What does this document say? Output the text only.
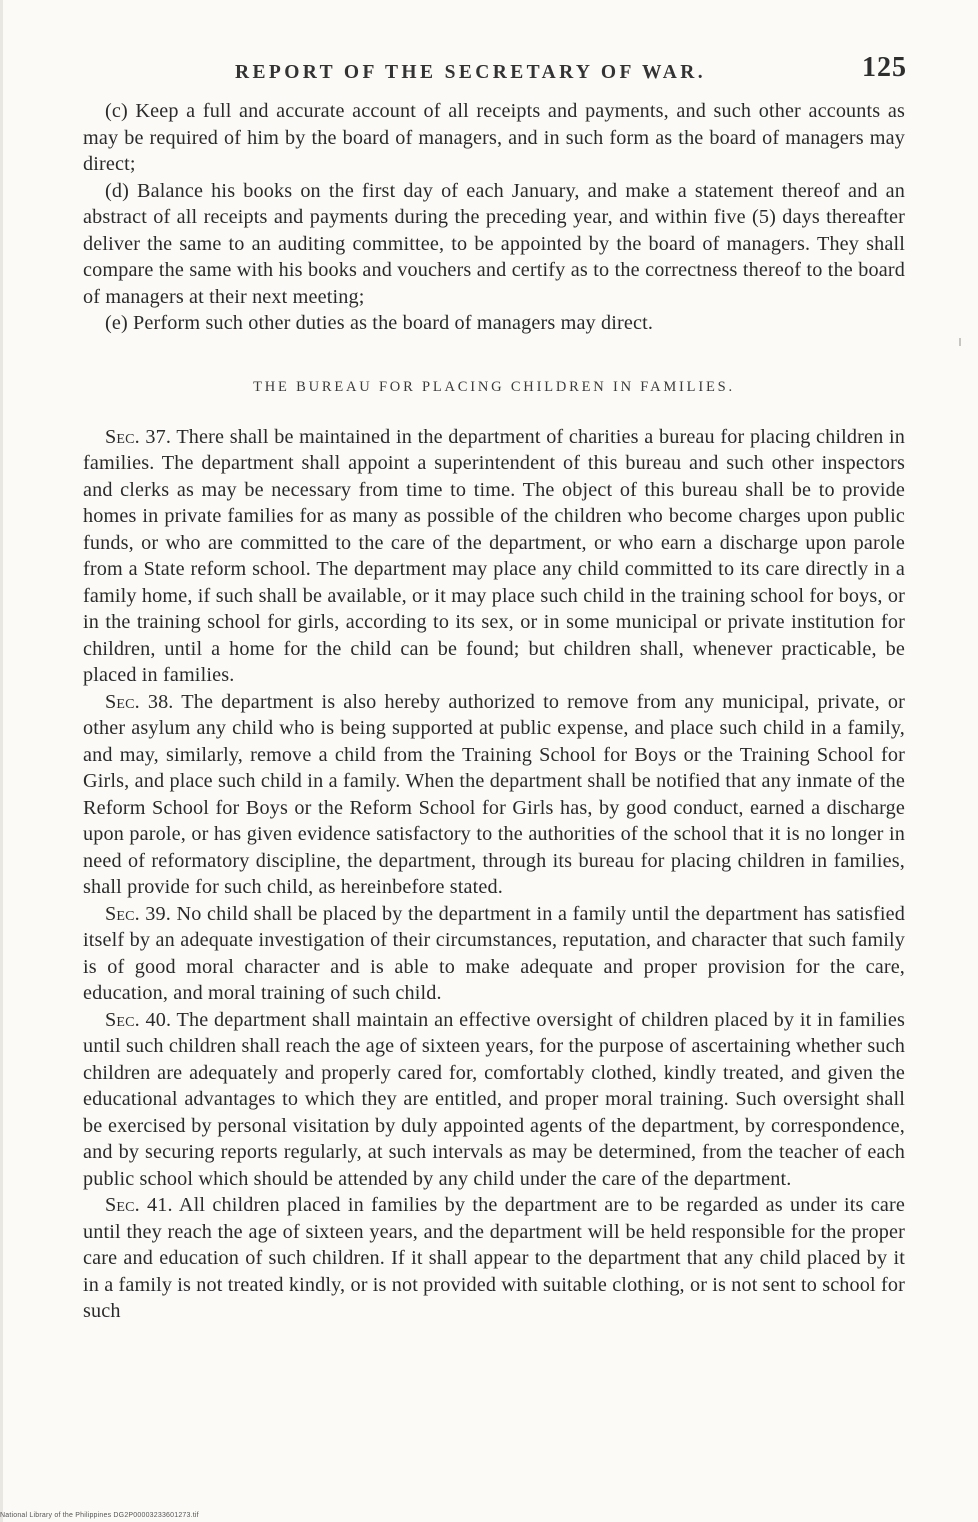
REPORT OF THE SECRETARY OF WAR.	125

(c) Keep a full and accurate account of all receipts and payments, and such other accounts as may be required of him by the board of managers, and in such form as the board of managers may direct;

(d) Balance his books on the first day of each January, and make a statement thereof and an abstract of all receipts and payments during the preceding year, and within five (5) days thereafter deliver the same to an auditing committee, to be appointed by the board of managers. They shall compare the same with his books and vouchers and certify as to the correctness thereof to the board of managers at their next meeting;

(e) Perform such other duties as the board of managers may direct.

THE BUREAU FOR PLACING CHILDREN IN FAMILIES.

Sec. 37. There shall be maintained in the department of charities a bureau for placing children in families. The department shall appoint a superintendent of this bureau and such other inspectors and clerks as may be necessary from time to time. The object of this bureau shall be to provide homes in private families for as many as possible of the children who become charges upon public funds, or who are committed to the care of the department, or who earn a discharge upon parole from a State reform school. The department may place any child committed to its care directly in a family home, if such shall be available, or it may place such child in the training school for boys, or in the training school for girls, according to its sex, or in some municipal or private institution for children, until a home for the child can be found; but children shall, whenever practicable, be placed in families.

Sec. 38. The department is also hereby authorized to remove from any municipal, private, or other asylum any child who is being supported at public expense, and place such child in a family, and may, similarly, remove a child from the Training School for Boys or the Training School for Girls, and place such child in a family. When the department shall be notified that any inmate of the Reform School for Boys or the Reform School for Girls has, by good conduct, earned a discharge upon parole, or has given evidence satisfactory to the authorities of the school that it is no longer in need of reformatory discipline, the department, through its bureau for placing children in families, shall provide for such child, as hereinbefore stated.

Sec. 39. No child shall be placed by the department in a family until the department has satisfied itself by an adequate investigation of their circumstances, reputation, and character that such family is of good moral character and is able to make adequate and proper provision for the care, education, and moral training of such child.

Sec. 40. The department shall maintain an effective oversight of children placed by it in families until such children shall reach the age of sixteen years, for the purpose of ascertaining whether such children are adequately and properly cared for, comfortably clothed, kindly treated, and given the educational advantages to which they are entitled, and proper moral training. Such oversight shall be exercised by personal visitation by duly appointed agents of the department, by correspondence, and by securing reports regularly, at such intervals as may be determined, from the teacher of each public school which should be attended by any child under the care of the department.

Sec. 41. All children placed in families by the department are to be regarded as under its care until they reach the age of sixteen years, and the department will be held responsible for the proper care and education of such children. If it shall appear to the department that any child placed by it in a family is not treated kindly, or is not provided with suitable clothing, or is not sent to school for such

National Library of the Philippines DG2P00003233601273.tif
